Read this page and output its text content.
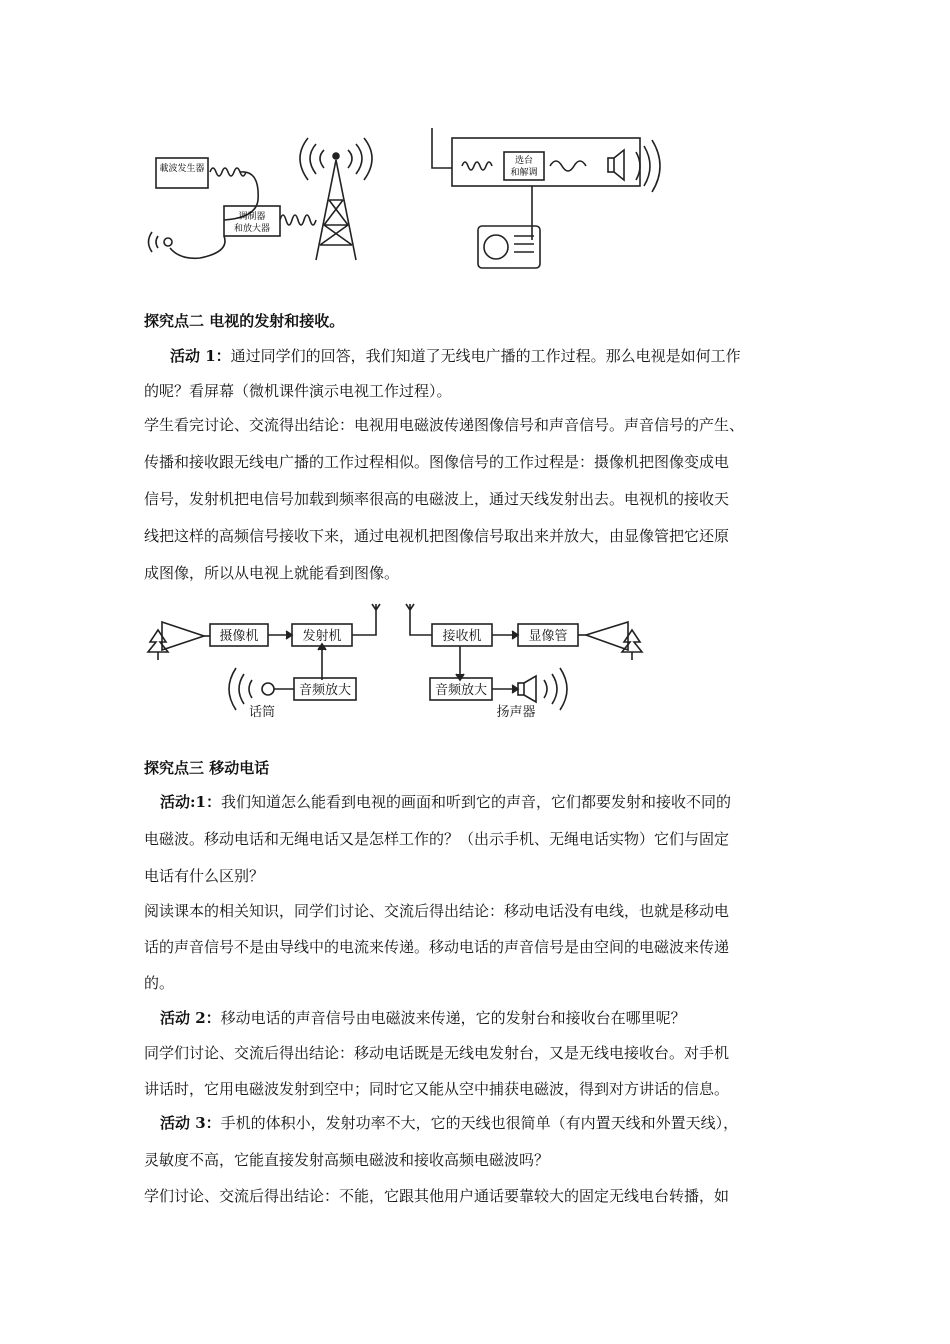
載波发生器
调制器
和放大器
选台
和解调
探究点二 电视的发射和接收。
活动 1：通过同学们的回答，我们知道了无线电广播的工作过程。那么电视是如何工作
的呢？看屏幕（微机课件演示电视工作过程）。
学生看完讨论、交流得出结论：电视用电磁波传递图像信号和声音信号。声音信号的产生、
传播和接收跟无线电广播的工作过程相似。图像信号的工作过程是：摄像机把图像变成电
信号，发射机把电信号加载到频率很高的电磁波上，通过天线发射出去。电视机的接收天
线把这样的高频信号接收下来，通过电视机把图像信号取出来并放大，由显像管把它还原
成图像，所以从电视上就能看到图像。
摄像机	发射机
音频放大
话筒
接收机	显像管
音频放大
扬声器
探究点三 移动电话
活动:1：我们知道怎么能看到电视的画面和听到它的声音，它们都要发射和接收不同的
电磁波。移动电话和无绳电话又是怎样工作的？（出示手机、无绳电话实物）它们与固定
电话有什么区别？
阅读课本的相关知识，同学们讨论、交流后得出结论：移动电话没有电线，也就是移动电
话的声音信号不是由导线中的电流来传递。移动电话的声音信号是由空间的电磁波来传递
的。
活动 2：移动电话的声音信号由电磁波来传递，它的发射台和接收台在哪里呢？
同学们讨论、交流后得出结论：移动电话既是无线电发射台，又是无线电接收台。对手机
讲话时，它用电磁波发射到空中；同时它又能从空中捕获电磁波，得到对方讲话的信息。
活动 3：手机的体积小，发射功率不大，它的天线也很简单（有内置天线和外置天线），
灵敏度不高，它能直接发射高频电磁波和接收高频电磁波吗？
学们讨论、交流后得出结论：不能，它跟其他用户通话要靠较大的固定无线电台转播，如
